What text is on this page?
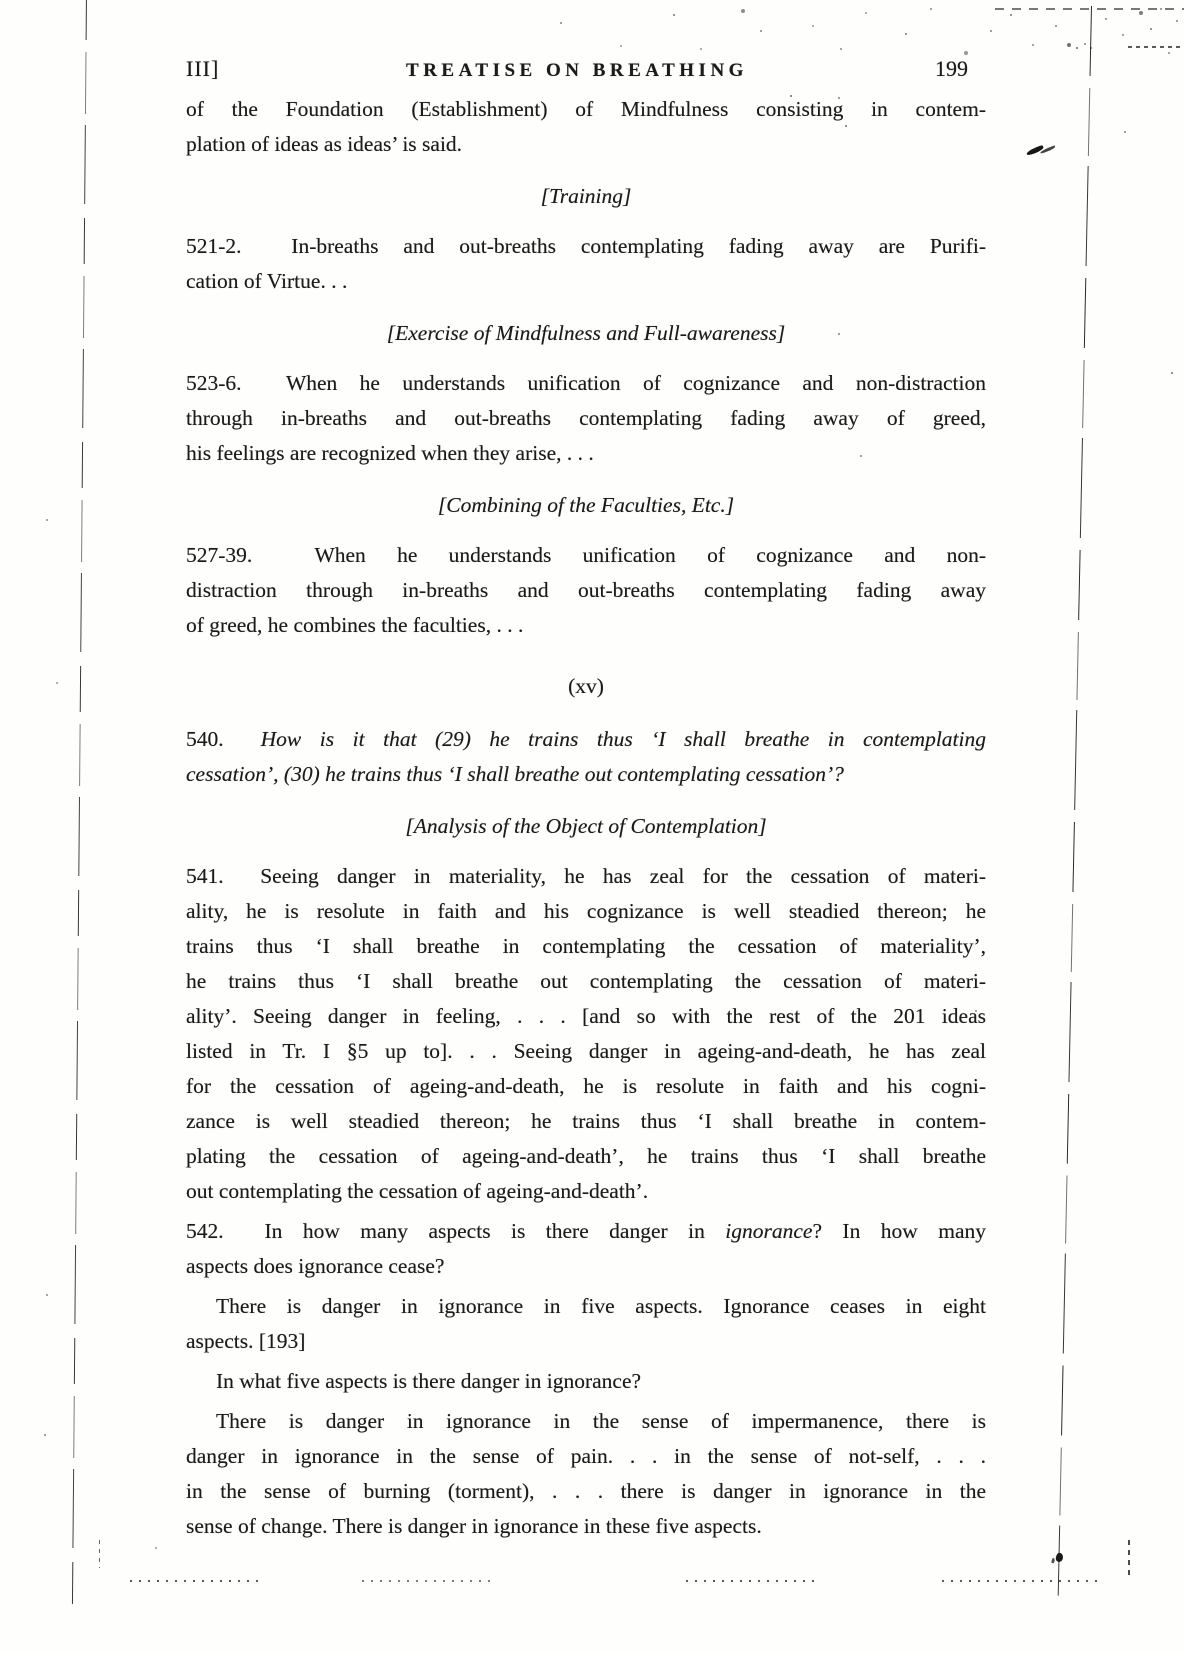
III]	TREATISE ON BREATHING	199
of the Foundation (Establishment) of Mindfulness consisting in contem-
plation of ideas as ideas’ is said.
[Training]
521-2.  In-breaths and out-breaths contemplating fading away are Purifi-
cation of Virtue. . .
[Exercise of Mindfulness and Full-awareness]
523-6.  When he understands unification of cognizance and non-distraction
through in-breaths and out-breaths contemplating fading away of greed,
his feelings are recognized when they arise, . . .
[Combining of the Faculties, Etc.]
527-39.  When he understands unification of cognizance and non-
distraction through in-breaths and out-breaths contemplating fading away
of greed, he combines the faculties, . . .
(xv)
540.  How is it that (29) he trains thus ‘I shall breathe in contemplating
cessation’, (30) he trains thus ‘I shall breathe out contemplating cessation’?
[Analysis of the Object of Contemplation]
541.  Seeing danger in materiality, he has zeal for the cessation of materi-
ality, he is resolute in faith and his cognizance is well steadied thereon; he
trains thus ‘I shall breathe in contemplating the cessation of materiality’,
he trains thus ‘I shall breathe out contemplating the cessation of materi-
ality’. Seeing danger in feeling, . . . [and so with the rest of the 201 ideas
listed in Tr. I §5 up to]. . . Seeing danger in ageing-and-death, he has zeal
for the cessation of ageing-and-death, he is resolute in faith and his cogni-
zance is well steadied thereon; he trains thus ‘I shall breathe in contem-
plating the cessation of ageing-and-death’, he trains thus ‘I shall breathe
out contemplating the cessation of ageing-and-death’.
542.  In how many aspects is there danger in ignorance? In how many
aspects does ignorance cease?
There is danger in ignorance in five aspects. Ignorance ceases in eight
aspects. [193]
In what five aspects is there danger in ignorance?
There is danger in ignorance in the sense of impermanence, there is
danger in ignorance in the sense of pain. . . in the sense of not-self, . . .
in the sense of burning (torment), . . . there is danger in ignorance in the
sense of change. There is danger in ignorance in these five aspects.
